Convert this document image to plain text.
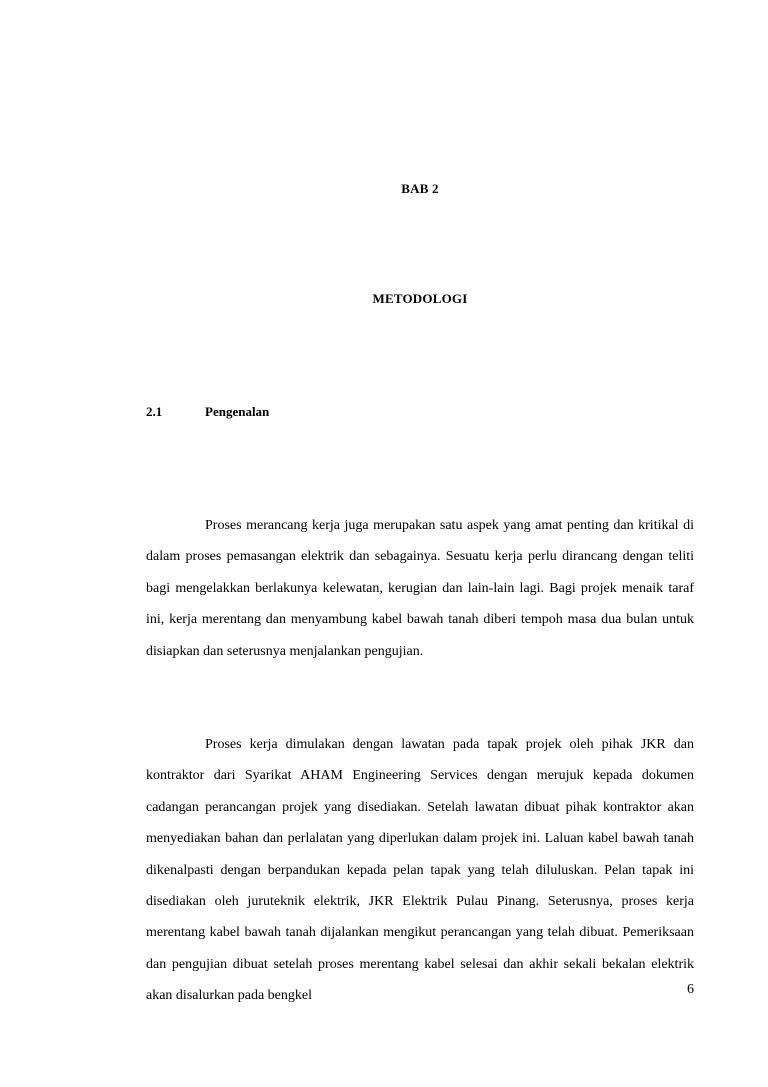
BAB 2
METODOLOGI
2.1	Pengenalan

Proses merancang kerja juga merupakan satu aspek yang amat penting dan kritikal di dalam proses pemasangan elektrik dan sebagainya. Sesuatu kerja perlu dirancang dengan teliti bagi mengelakkan berlakunya kelewatan, kerugian dan lain-lain lagi. Bagi projek menaik taraf ini, kerja merentang dan menyambung kabel bawah tanah diberi tempoh masa dua bulan untuk disiapkan dan seterusnya menjalankan pengujian.

Proses kerja dimulakan dengan lawatan pada tapak projek oleh pihak JKR dan kontraktor dari Syarikat AHAM Engineering Services dengan merujuk kepada dokumen cadangan perancangan projek yang disediakan. Setelah lawatan dibuat pihak kontraktor akan menyediakan bahan dan perlalatan yang diperlukan dalam projek ini. Laluan kabel bawah tanah dikenalpasti dengan berpandukan kepada pelan tapak yang telah diluluskan. Pelan tapak ini disediakan oleh juruteknik elektrik, JKR Elektrik Pulau Pinang. Seterusnya, proses kerja merentang kabel bawah tanah dijalankan mengikut perancangan yang telah dibuat. Pemeriksaan dan pengujian dibuat setelah proses merentang kabel selesai dan akhir sekali bekalan elektrik akan disalurkan pada bengkel	6
